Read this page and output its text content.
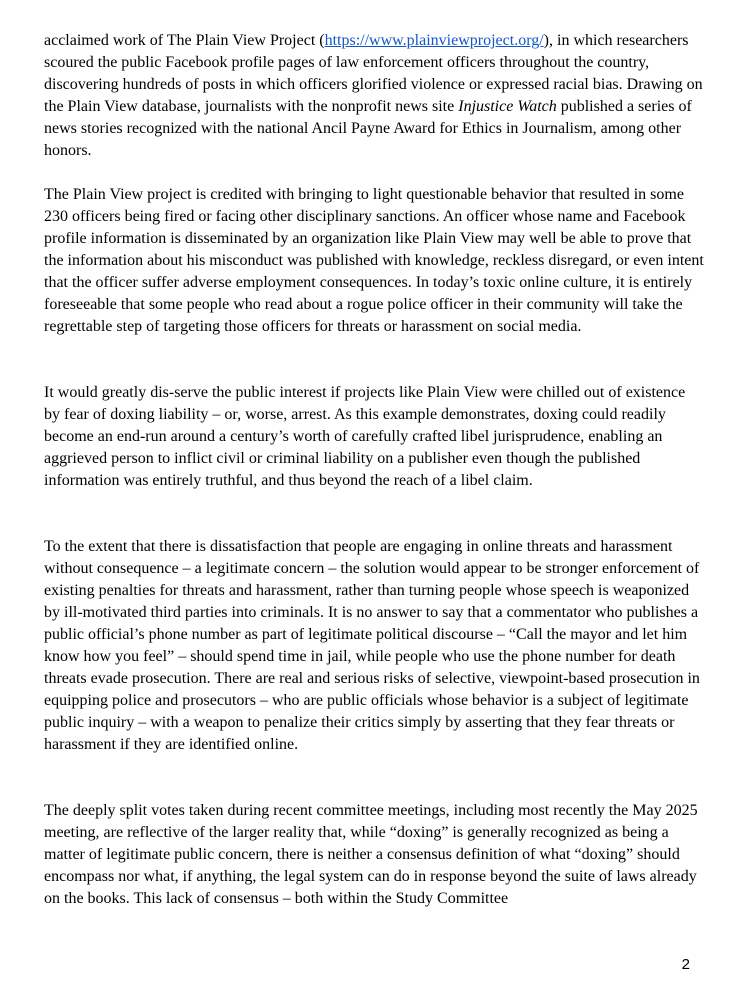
acclaimed work of The Plain View Project (https://www.plainviewproject.org/), in which researchers scoured the public Facebook profile pages of law enforcement officers throughout the country, discovering hundreds of posts in which officers glorified violence or expressed racial bias. Drawing on the Plain View database, journalists with the nonprofit news site Injustice Watch published a series of news stories recognized with the national Ancil Payne Award for Ethics in Journalism, among other honors.

The Plain View project is credited with bringing to light questionable behavior that resulted in some 230 officers being fired or facing other disciplinary sanctions. An officer whose name and Facebook profile information is disseminated by an organization like Plain View may well be able to prove that the information about his misconduct was published with knowledge, reckless disregard, or even intent that the officer suffer adverse employment consequences. In today’s toxic online culture, it is entirely foreseeable that some people who read about a rogue police officer in their community will take the regrettable step of targeting those officers for threats or harassment on social media.

It would greatly dis-serve the public interest if projects like Plain View were chilled out of existence by fear of doxing liability – or, worse, arrest. As this example demonstrates, doxing could readily become an end-run around a century’s worth of carefully crafted libel jurisprudence, enabling an aggrieved person to inflict civil or criminal liability on a publisher even though the published information was entirely truthful, and thus beyond the reach of a libel claim.

To the extent that there is dissatisfaction that people are engaging in online threats and harassment without consequence – a legitimate concern – the solution would appear to be stronger enforcement of existing penalties for threats and harassment, rather than turning people whose speech is weaponized by ill-motivated third parties into criminals. It is no answer to say that a commentator who publishes a public official’s phone number as part of legitimate political discourse – “Call the mayor and let him know how you feel” – should spend time in jail, while people who use the phone number for death threats evade prosecution. There are real and serious risks of selective, viewpoint-based prosecution in equipping police and prosecutors – who are public officials whose behavior is a subject of legitimate public inquiry – with a weapon to penalize their critics simply by asserting that they fear threats or harassment if they are identified online.

The deeply split votes taken during recent committee meetings, including most recently the May 2025 meeting, are reflective of the larger reality that, while “doxing” is generally recognized as being a matter of legitimate public concern, there is neither a consensus definition of what “doxing” should encompass nor what, if anything, the legal system can do in response beyond the suite of laws already on the books. This lack of consensus – both within the Study Committee

2
